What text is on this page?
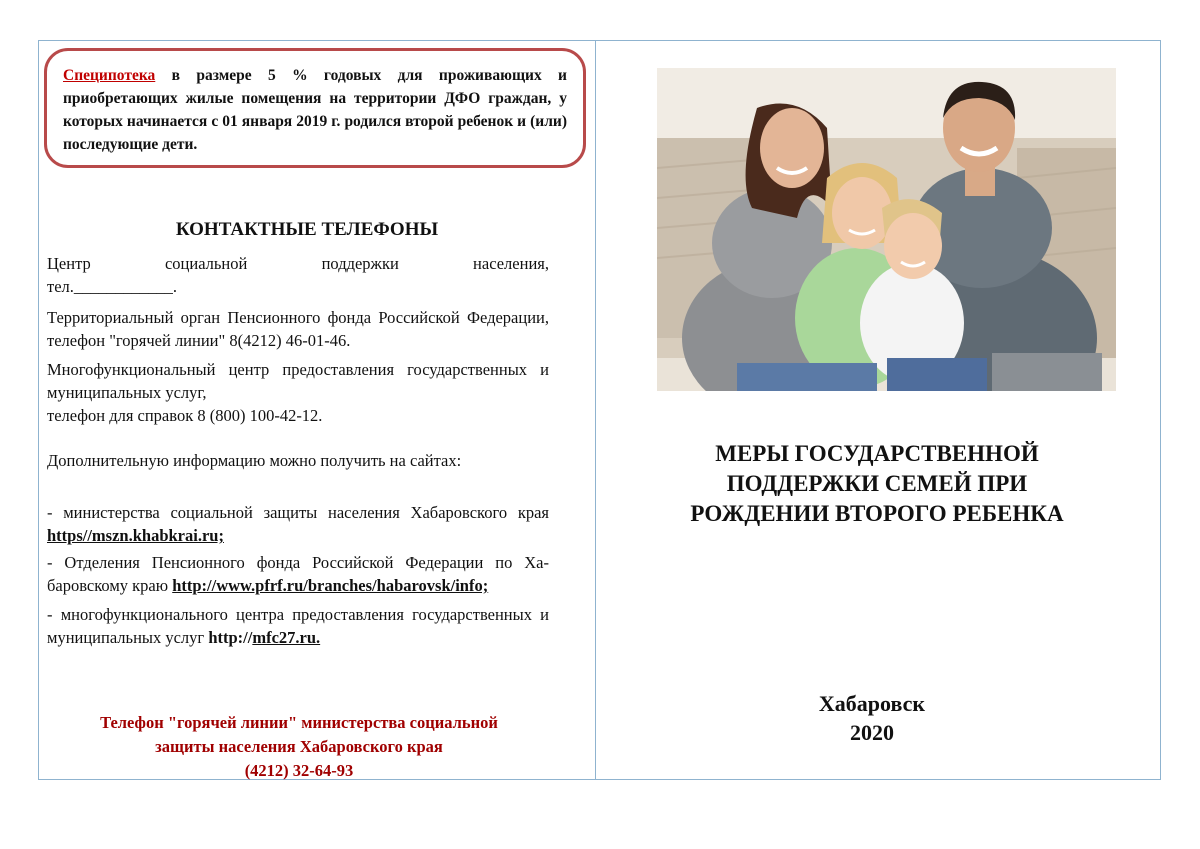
Специпотека в размере 5 % годовых для проживающих и приобретающих жилые помещения на территории ДФО граждан, у которых начинается с 01 января 2019 г. родился второй ребенок и (или) последующие дети.
КОНТАКТНЫЕ ТЕЛЕФОНЫ
Центр социальной поддержки населения,
тел.____________.
Территориальный орган Пенсионного фонда Российской Федерации, телефон "горячей линии" 8(4212) 46-01-46.
Многофункциональный центр предоставления государственных и муниципальных услуг,
телефон для справок 8 (800) 100-42-12.
Дополнительную информацию можно получить на сайтах:
- министерства социальной защиты населения Хабаровского края https//mszn.khabkrai.ru;
- Отделения Пенсионного фонда Российской Федерации по Хабаровскому краю http://www.pfrf.ru/branches/habarovsk/info;
- многофункционального центра предоставления государственных и муниципальных услуг http://mfc27.ru.
Телефон "горячей линии" министерства социальной
защиты населения Хабаровского края
(4212) 32-64-93
МЕРЫ ГОСУДАРСТВЕННОЙ
ПОДДЕРЖКИ СЕМЕЙ ПРИ
РОЖДЕНИИ ВТОРОГО РЕБЕНКА
Хабаровск
2020
